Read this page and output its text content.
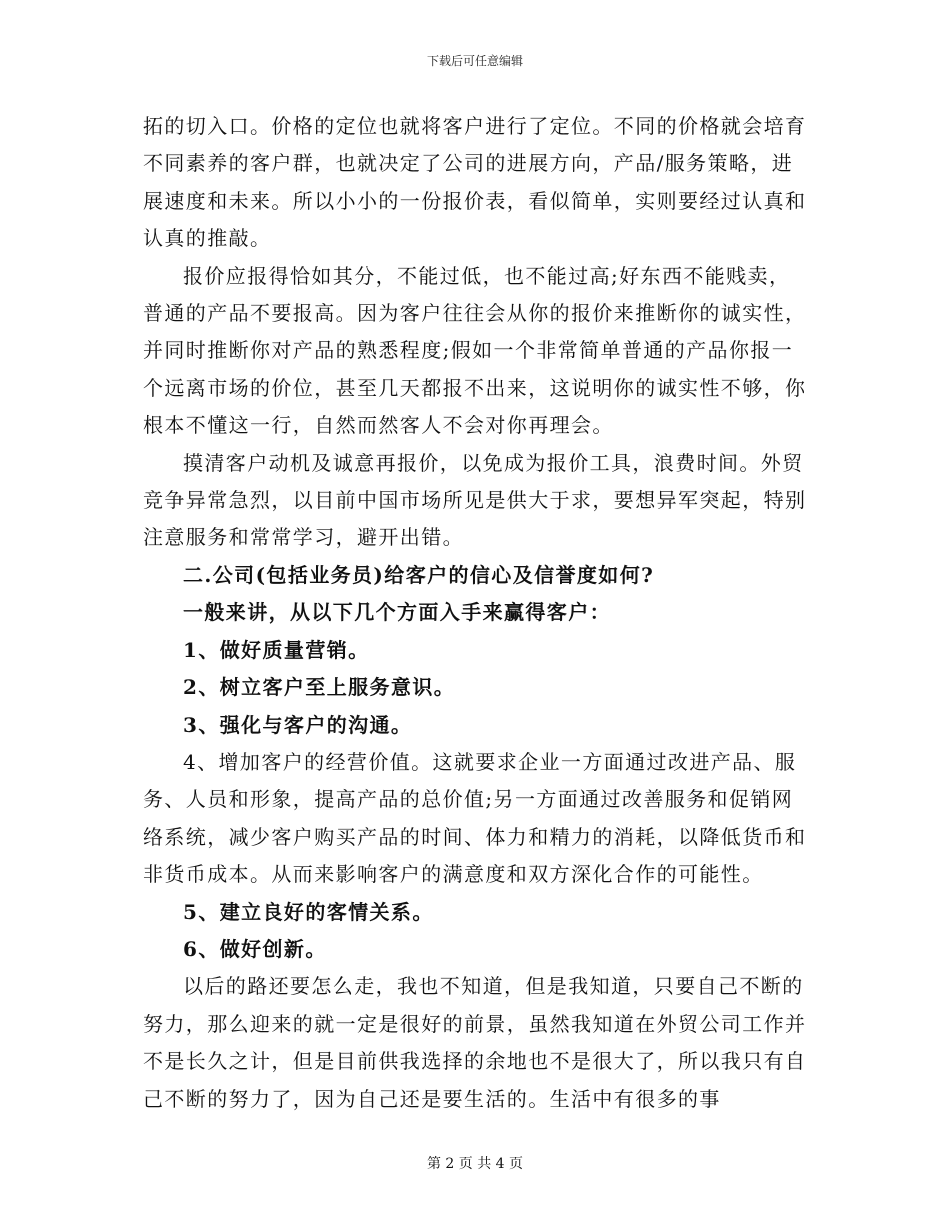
下载后可任意编辑

拓的切入口。价格的定位也就将客户进行了定位。不同的价格就会培育不同素养的客户群，也就决定了公司的进展方向，产品/服务策略，进展速度和未来。所以小小的一份报价表，看似简单，实则要经过认真和认真的推敲。

报价应报得恰如其分，不能过低，也不能过高;好东西不能贱卖，普通的产品不要报高。因为客户往往会从你的报价来推断你的诚实性，并同时推断你对产品的熟悉程度;假如一个非常简单普通的产品你报一个远离市场的价位，甚至几天都报不出来，这说明你的诚实性不够，你根本不懂这一行，自然而然客人不会对你再理会。

摸清客户动机及诚意再报价，以免成为报价工具，浪费时间。外贸竞争异常急烈，以目前中国市场所见是供大于求，要想异军突起，特别注意服务和常常学习，避开出错。

二.公司(包括业务员)给客户的信心及信誉度如何?

一般来讲，从以下几个方面入手来赢得客户：

1、做好质量营销。

2、树立客户至上服务意识。

3、强化与客户的沟通。

4、增加客户的经营价值。这就要求企业一方面通过改进产品、服务、人员和形象，提高产品的总价值;另一方面通过改善服务和促销网络系统，减少客户购买产品的时间、体力和精力的消耗，以降低货币和非货币成本。从而来影响客户的满意度和双方深化合作的可能性。

5、建立良好的客情关系。

6、做好创新。

以后的路还要怎么走，我也不知道，但是我知道，只要自己不断的努力，那么迎来的就一定是很好的前景，虽然我知道在外贸公司工作并不是长久之计，但是目前供我选择的余地也不是很大了，所以我只有自己不断的努力了，因为自己还是要生活的。生活中有很多的事

第 2 页 共 4 页
